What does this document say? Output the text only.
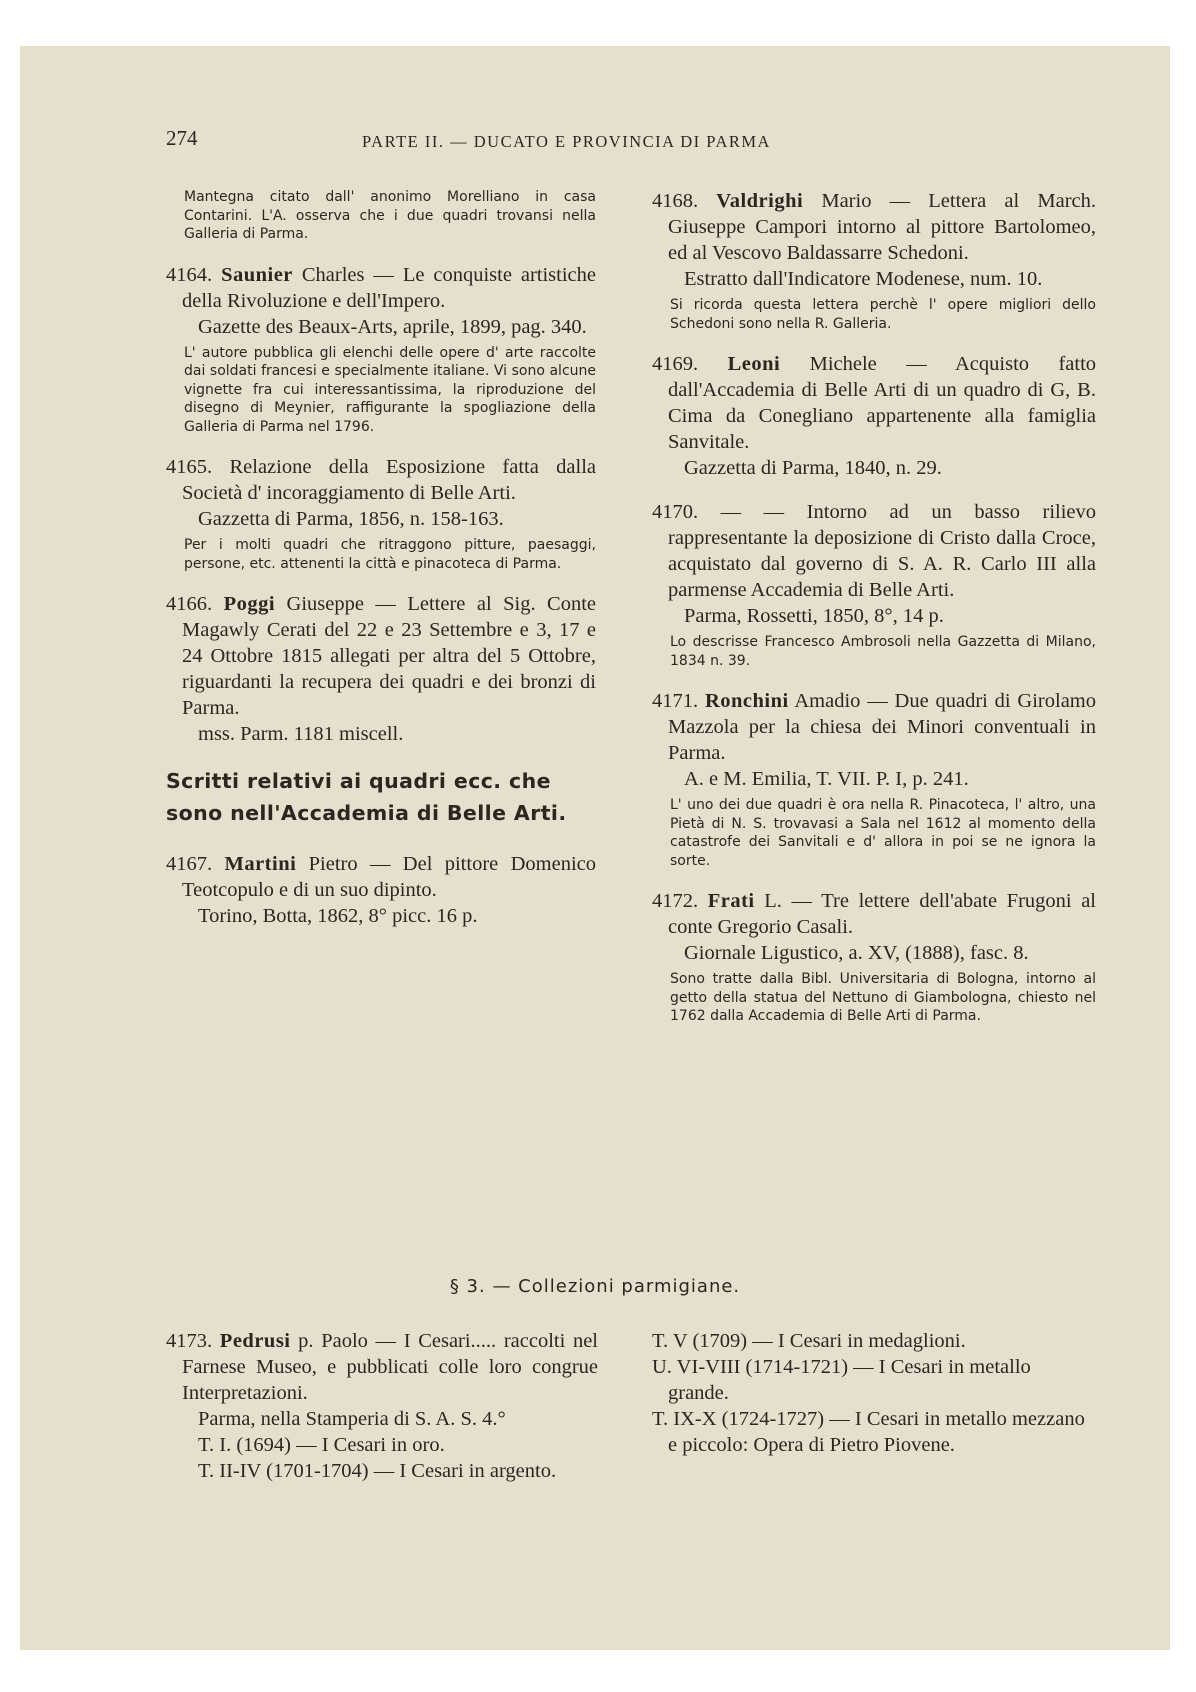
274	PARTE II. — DUCATO E PROVINCIA DI PARMA
Mantegna citato dall' anonimo Morelliano in casa Contarini. L'A. osserva che i due quadri trovansi nella Galleria di Parma.

4164. Saunier Charles — Le conquiste artistiche della Rivoluzione e dell'Impero.

Gazette des Beaux-Arts, aprile, 1899, pag. 340.

L' autore pubblica gli elenchi delle opere d' arte raccolte dai soldati francesi e specialmente italiane. Vi sono alcune vignette fra cui interessantissima, la riproduzione del disegno di Meynier, raffigurante la spogliazione della Galleria di Parma nel 1796.

4165. Relazione della Esposizione fatta dalla Società d' incoraggiamento di Belle Arti.

Gazzetta di Parma, 1856, n. 158-163.

Per i molti quadri che ritraggono pitture, paesaggi, persone, etc. attenenti la città e pinacoteca di Parma.

4166. Poggi Giuseppe — Lettere al Sig. Conte Magawly Cerati del 22 e 23 Settembre e 3, 17 e 24 Ottobre 1815 allegati per altra del 5 Ottobre, riguardanti la recupera dei quadri e dei bronzi di Parma.

mss. Parm. 1181 miscell.

Scritti relativi ai quadri ecc. che sono nell'Accademia di Belle Arti.

4167. Martini Pietro — Del pittore Domenico Teotcopulo e di un suo dipinto.

Torino, Botta, 1862, 8° picc. 16 p.

4168. Valdrighi Mario — Lettera al March. Giuseppe Campori intorno al pittore Bartolomeo, ed al Vescovo Baldassarre Schedoni.

Estratto dall'Indicatore Modenese, num. 10.

Si ricorda questa lettera perchè l' opere migliori dello Schedoni sono nella R. Galleria.

4169. Leoni Michele — Acquisto fatto dall'Accademia di Belle Arti di un quadro di G, B. Cima da Conegliano appartenente alla famiglia Sanvitale.

Gazzetta di Parma, 1840, n. 29.

4170. — — Intorno ad un basso rilievo rappresentante la deposizione di Cristo dalla Croce, acquistato dal governo di S. A. R. Carlo III alla parmense Accademia di Belle Arti.

Parma, Rossetti, 1850, 8°, 14 p.

Lo descrisse Francesco Ambrosoli nella Gazzetta di Milano, 1834 n. 39.

4171. Ronchini Amadio — Due quadri di Girolamo Mazzola per la chiesa dei Minori conventuali in Parma.

A. e M. Emilia, T. VII. P. I, p. 241.

L' uno dei due quadri è ora nella R. Pinacoteca, l' altro, una Pietà di N. S. trovavasi a Sala nel 1612 al momento della catastrofe dei Sanvitali e d' allora in poi se ne ignora la sorte.

4172. Frati L. — Tre lettere dell'abate Frugoni al conte Gregorio Casali.

Giornale Ligustico, a. XV, (1888), fasc. 8.

Sono tratte dalla Bibl. Universitaria di Bologna, intorno al getto della statua del Nettuno di Giambologna, chiesto nel 1762 dalla Accademia di Belle Arti di Parma.
§ 3. — Collezioni parmigiane.

4173. Pedrusi p. Paolo — I Cesari..... raccolti nel Farnese Museo, e pubblicati colle loro congrue Interpretazioni.

Parma, nella Stamperia di S. A. S. 4.°

T. I. (1694) — I Cesari in oro.

T. II-IV (1701-1704) — I Cesari in argento.

T. V (1709) — I Cesari in medaglioni.

U. VI-VIII (1714-1721) — I Cesari in metallo grande.

T. IX-X (1724-1727) — I Cesari in metallo mezzano e piccolo: Opera di Pietro Piovene.
